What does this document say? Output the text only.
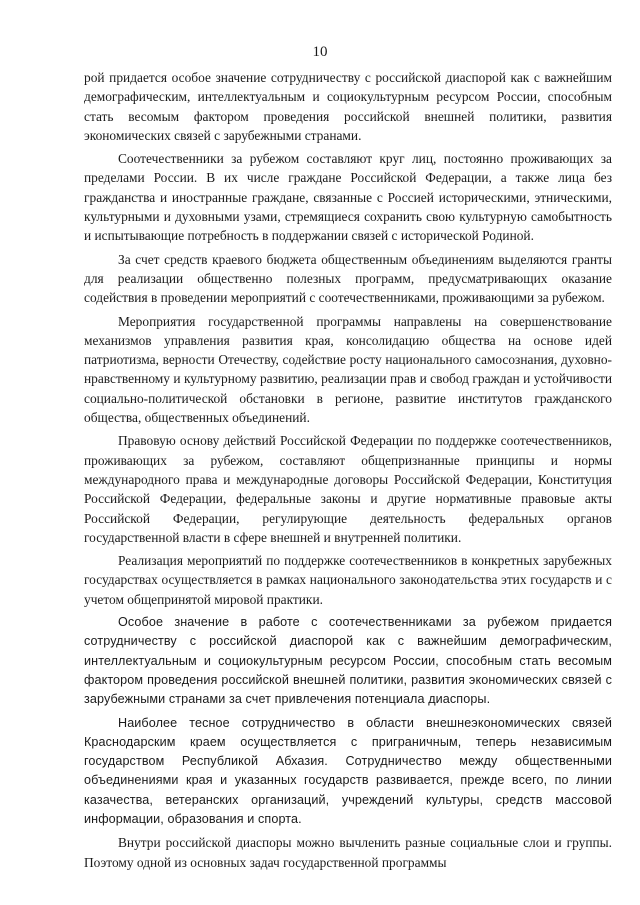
10

рой придается особое значение сотрудничеству с российской диаспорой как с важнейшим демографическим, интеллектуальным и социокультурным ресурсом России, способным стать весомым фактором проведения российской внешней политики, развития экономических связей с зарубежными странами.

Соотечественники за рубежом составляют круг лиц, постоянно проживающих за пределами России. В их числе граждане Российской Федерации, а также лица без гражданства и иностранные граждане, связанные с Россией историческими, этническими, культурными и духовными узами, стремящиеся сохранить свою культурную самобытность и испытывающие потребность в поддержании связей с исторической Родиной.

За счет средств краевого бюджета общественным объединениям выделяются гранты для реализации общественно полезных программ, предусматривающих оказание содействия в проведении мероприятий с соотечественниками, проживающими за рубежом.

Мероприятия государственной программы направлены на совершенствование механизмов управления развития края, консолидацию общества на основе идей патриотизма, верности Отечеству, содействие росту национального самосознания, духовно-нравственному и культурному развитию, реализации прав и свобод граждан и устойчивости социально-политической обстановки в регионе, развитие институтов гражданского общества, общественных объединений.

Правовую основу действий Российской Федерации по поддержке соотечественников, проживающих за рубежом, составляют общепризнанные принципы и нормы международного права и международные договоры Российской Федерации, Конституция Российской Федерации, федеральные законы и другие нормативные правовые акты Российской Федерации, регулирующие деятельность федеральных органов государственной власти в сфере внешней и внутренней политики.

Реализация мероприятий по поддержке соотечественников в конкретных зарубежных государствах осуществляется в рамках национального законодательства этих государств и с учетом общепринятой мировой практики.

Особое значение в работе с соотечественниками за рубежом придается сотрудничеству с российской диаспорой как с важнейшим демографическим, интеллектуальным и социокультурным ресурсом России, способным стать весомым фактором проведения российской внешней политики, развития экономических связей с зарубежными странами за счет привлечения потенциала диаспоры.

Наиболее тесное сотрудничество в области внешнеэкономических связей Краснодарским краем осуществляется с приграничным, теперь независимым государством Республикой Абхазия. Сотрудничество между общественными объединениями края и указанных государств развивается, прежде всего, по линии казачества, ветеранских организаций, учреждений культуры, средств массовой информации, образования и спорта.

Внутри российской диаспоры можно вычленить разные социальные слои и группы. Поэтому одной из основных задач государственной программы
